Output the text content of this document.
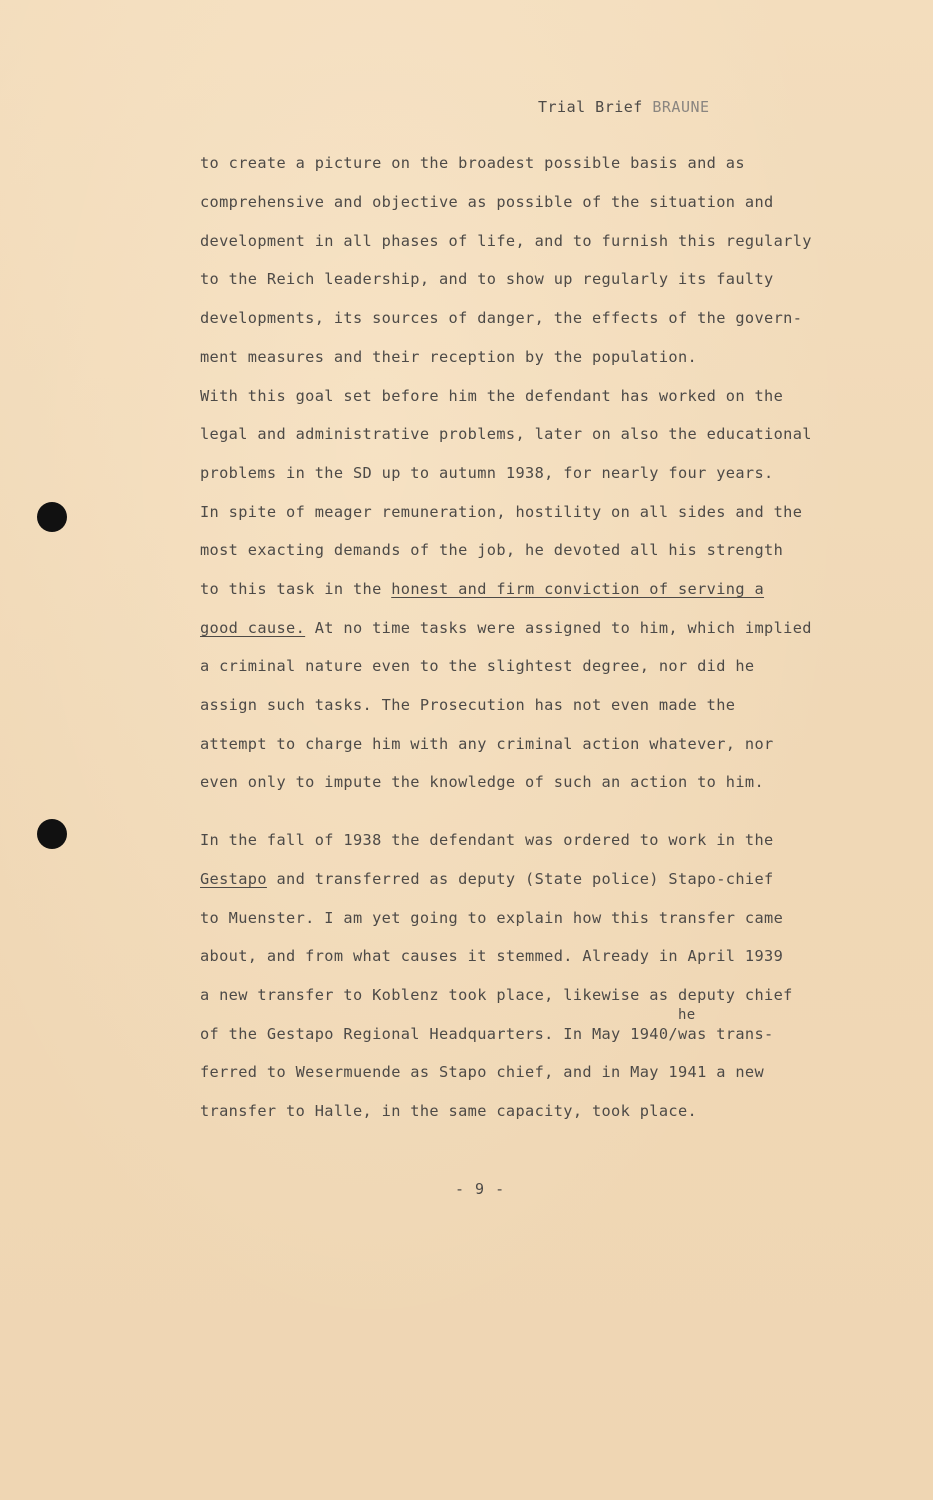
Trial Brief BRAUNE
to create a picture on the broadest possible basis and as
comprehensive and objective as possible of the situation and
development in all phases of life, and to furnish this regularly
to the Reich leadership, and to show up regularly its faulty
developments, its sources of danger, the effects of the govern-
ment measures and their reception by the population.
With this goal set before him the defendant has worked on the
legal and administrative problems, later on also the educational
problems in the SD up to autumn 1938, for nearly four years.
In spite of meager remuneration, hostility on all sides and the
most exacting demands of the job, he devoted all his strength
to this task in the honest and firm conviction of serving a
good cause. At no time tasks were assigned to him, which implied
a criminal nature even to the slightest degree, nor did he
assign such tasks. The Prosecution has not even made the
attempt to charge him with any criminal action whatever, nor
even only to impute the knowledge of such an action to him.
In the fall of 1938 the defendant was ordered to work in the
Gestapo and transferred as deputy (State police) Stapo-chief
to Muenster. I am yet going to explain how this transfer came
about, and from what causes it stemmed. Already in April 1939
a new transfer to Koblenz took place, likewise as deputy chief
he
of the Gestapo Regional Headquarters. In May 1940/was trans-
ferred to Wesermuende as Stapo chief, and in May 1941 a new
transfer to Halle, in the same capacity, took place.
- 9 -
